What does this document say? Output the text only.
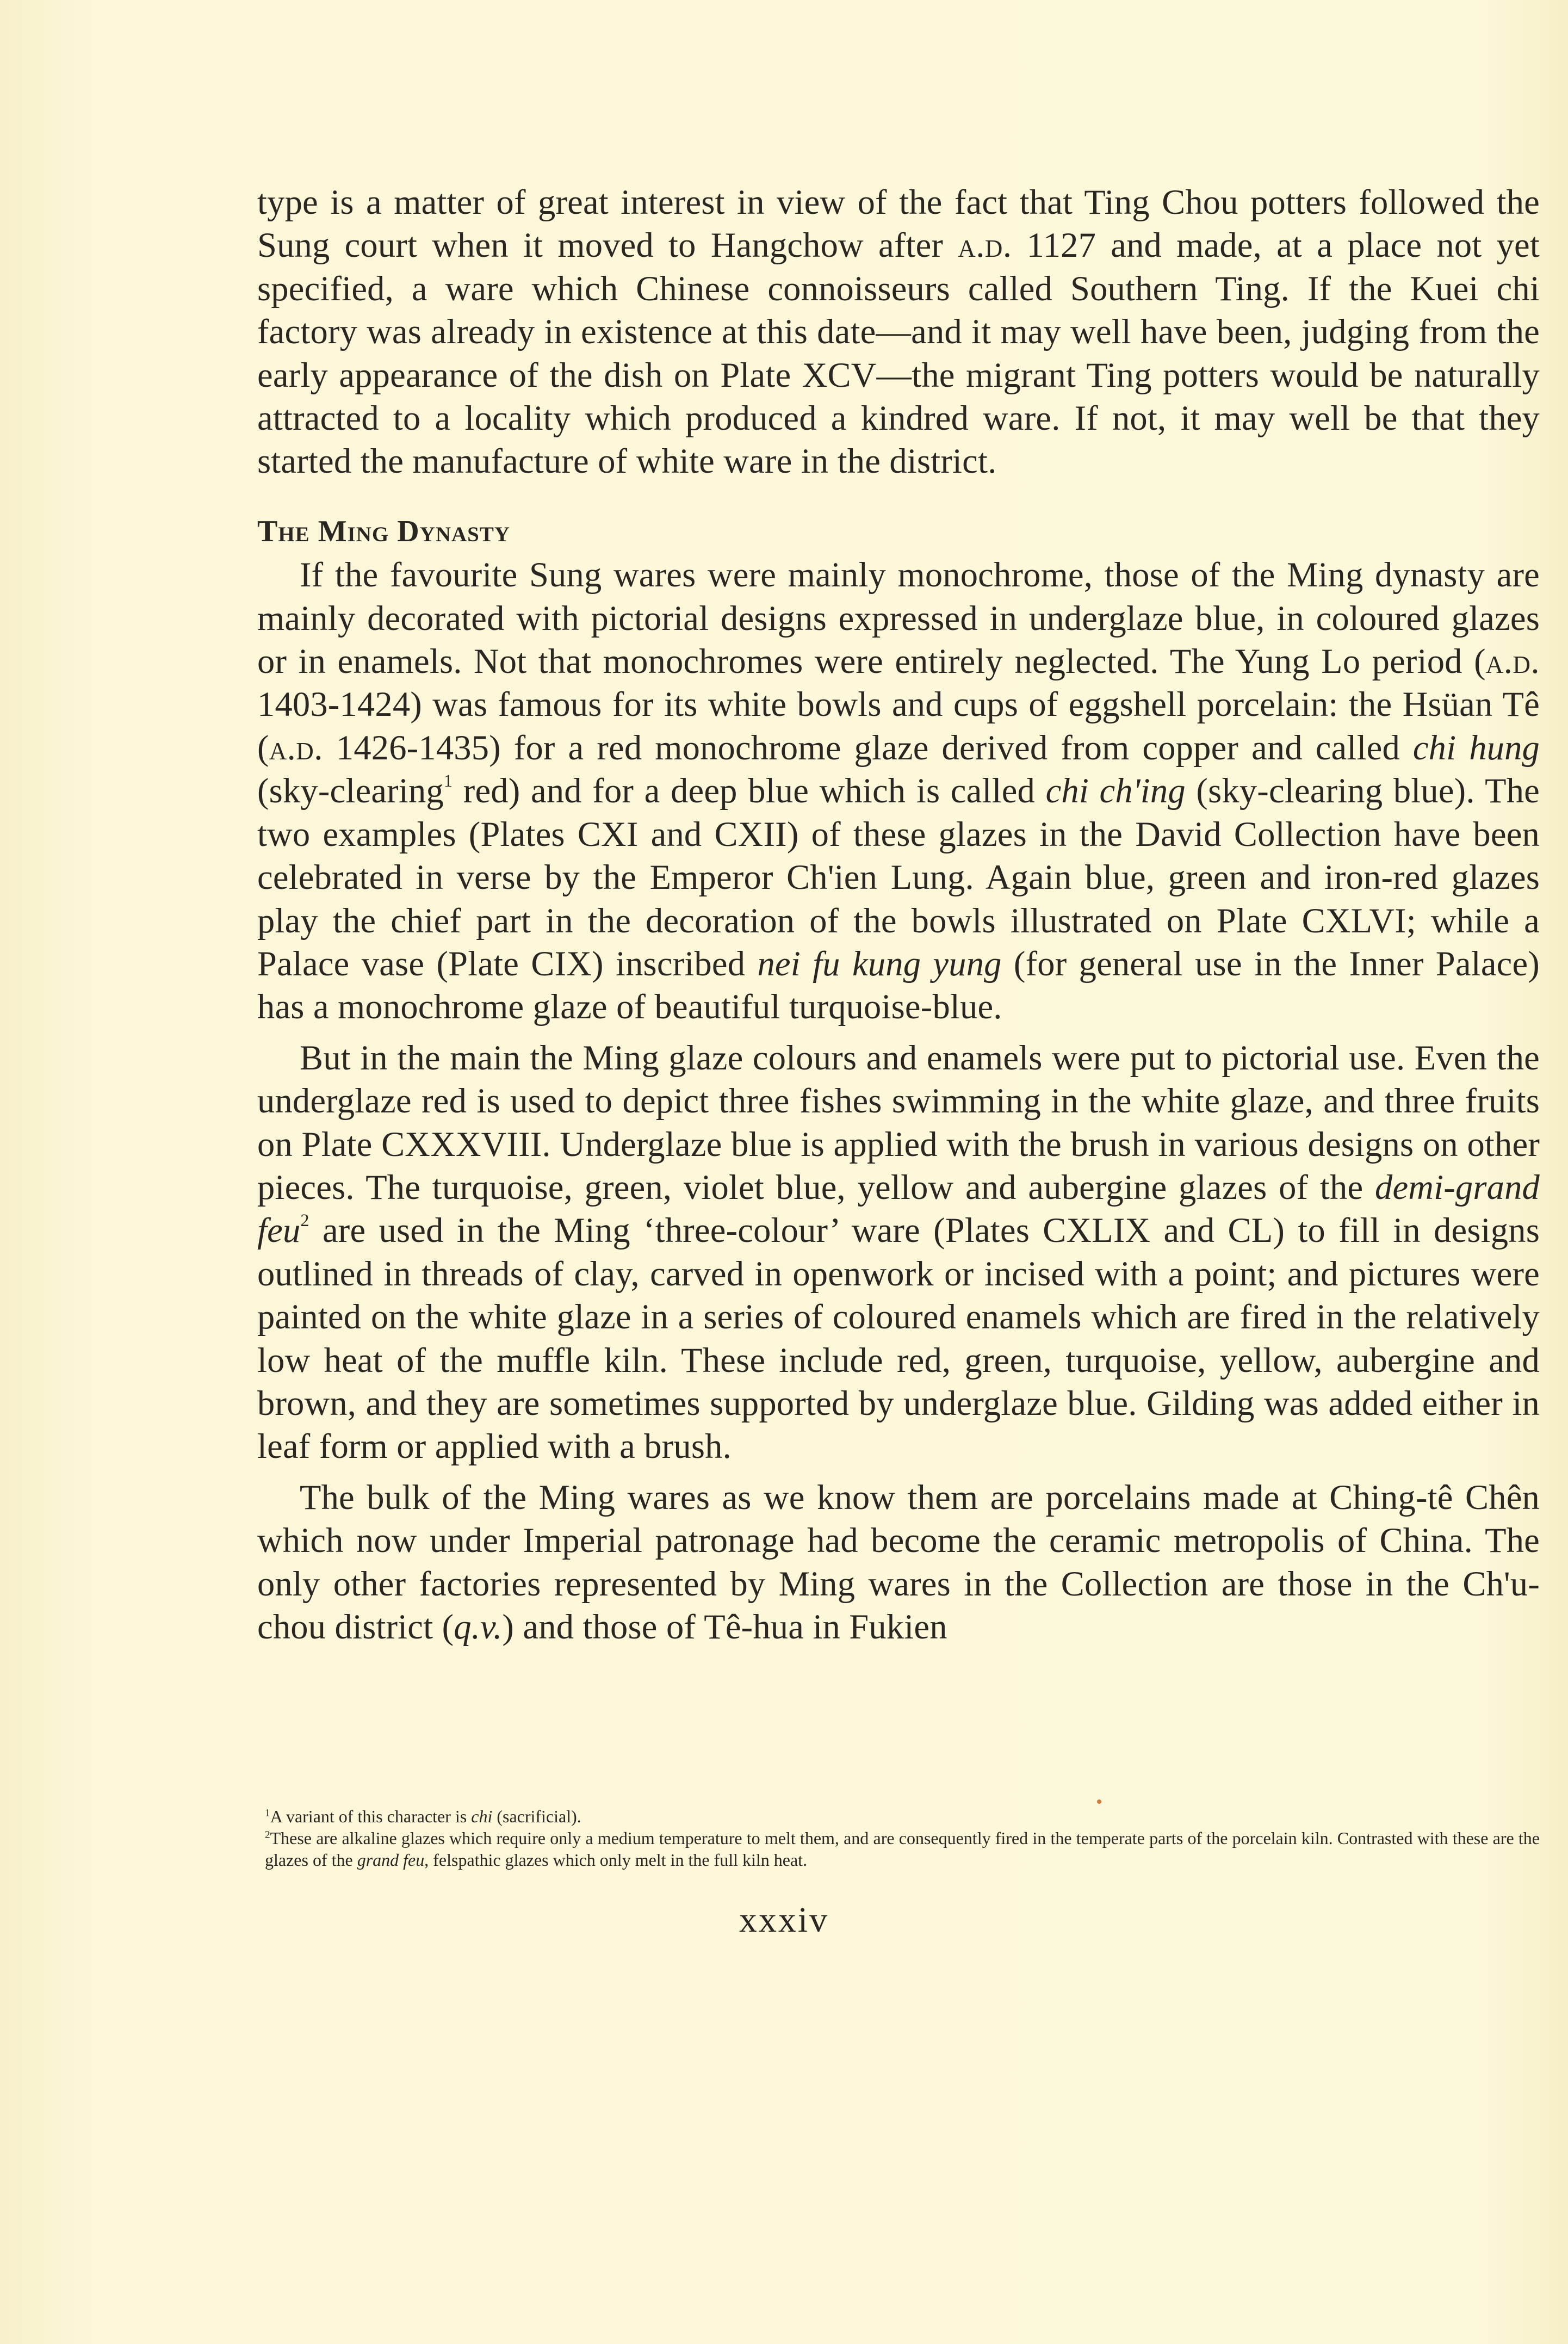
type is a matter of great interest in view of the fact that Ting Chou potters followed the Sung court when it moved to Hangchow after a.d. 1127 and made, at a place not yet specified, a ware which Chinese connoisseurs called Southern Ting. If the Kuei chi factory was already in existence at this date—and it may well have been, judging from the early appearance of the dish on Plate XCV—the migrant Ting potters would be naturally attracted to a locality which produced a kindred ware. If not, it may well be that they started the manufacture of white ware in the district.

The Ming Dynasty

If the favourite Sung wares were mainly monochrome, those of the Ming dynasty are mainly decorated with pictorial designs expressed in underglaze blue, in coloured glazes or in enamels. Not that monochromes were entirely neglected. The Yung Lo period (a.d. 1403-1424) was famous for its white bowls and cups of eggshell porcelain: the Hsüan Tê (a.d. 1426-1435) for a red monochrome glaze derived from copper and called chi hung (sky-clearing$^1$ red) and for a deep blue which is called chi ch'ing (sky-clearing blue). The two examples (Plates CXI and CXII) of these glazes in the David Collection have been celebrated in verse by the Emperor Ch'ien Lung. Again blue, green and iron-red glazes play the chief part in the decoration of the bowls illustrated on Plate CXLVI; while a Palace vase (Plate CIX) inscribed nei fu kung yung (for general use in the Inner Palace) has a monochrome glaze of beautiful turquoise-blue.

But in the main the Ming glaze colours and enamels were put to pictorial use. Even the underglaze red is used to depict three fishes swimming in the white glaze, and three fruits on Plate CXXXVIII. Underglaze blue is applied with the brush in various designs on other pieces. The turquoise, green, violet blue, yellow and aubergine glazes of the demi-grand feu$^2$ are used in the Ming ‘three-colour’ ware (Plates CXLIX and CL) to fill in designs outlined in threads of clay, carved in openwork or incised with a point; and pictures were painted on the white glaze in a series of coloured enamels which are fired in the relatively low heat of the muffle kiln. These include red, green, turquoise, yellow, aubergine and brown, and they are sometimes supported by underglaze blue. Gilding was added either in leaf form or applied with a brush.

The bulk of the Ming wares as we know them are porcelains made at Ching-tê Chên which now under Imperial patronage had become the ceramic metropolis of China. The only other factories represented by Ming wares in the Collection are those in the Ch'u-chou district (q.v.) and those of Tê-hua in Fukien

$^1$A variant of this character is chi (sacrificial).

$^2$These are alkaline glazes which require only a medium temperature to melt them, and are consequently fired in the temperate parts of the porcelain kiln. Contrasted with these are the glazes of the grand feu, felspathic glazes which only melt in the full kiln heat.

xxxiv
